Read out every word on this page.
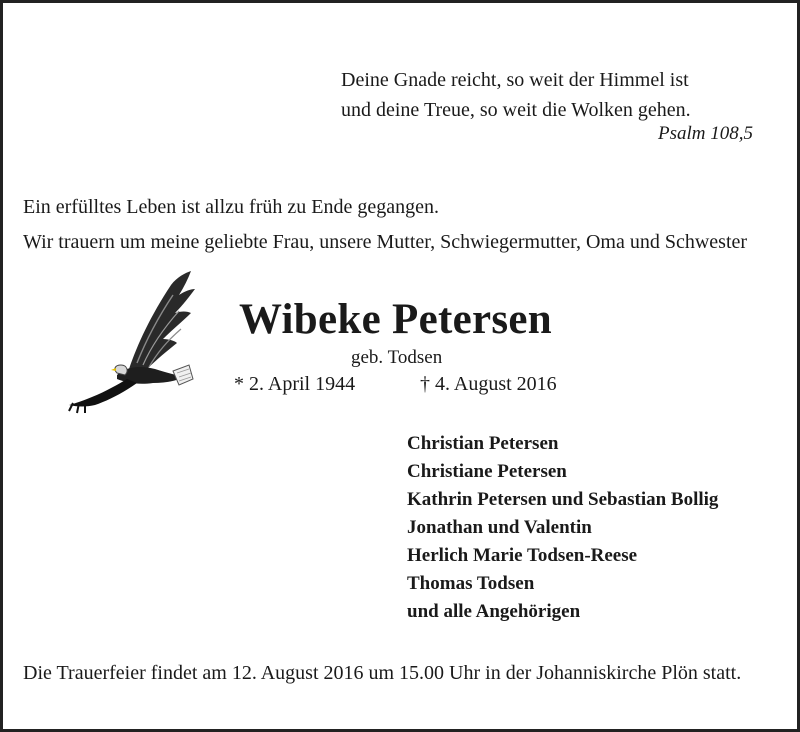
Deine Gnade reicht, so weit der Himmel ist
und deine Treue, so weit die Wolken gehen.
Psalm 108,5
Ein erfülltes Leben ist allzu früh zu Ende gegangen.
Wir trauern um meine geliebte Frau, unsere Mutter, Schwiegermutter, Oma und Schwester
Wibeke Petersen
geb. Todsen
* 2. April 1944	† 4. August 2016
Christian Petersen
Christiane Petersen
Kathrin Petersen und Sebastian Bollig
Jonathan und Valentin
Herlich Marie Todsen-Reese
Thomas Todsen
und alle Angehörigen
Die Trauerfeier findet am 12. August 2016 um 15.00 Uhr in der Johanniskirche Plön statt.
